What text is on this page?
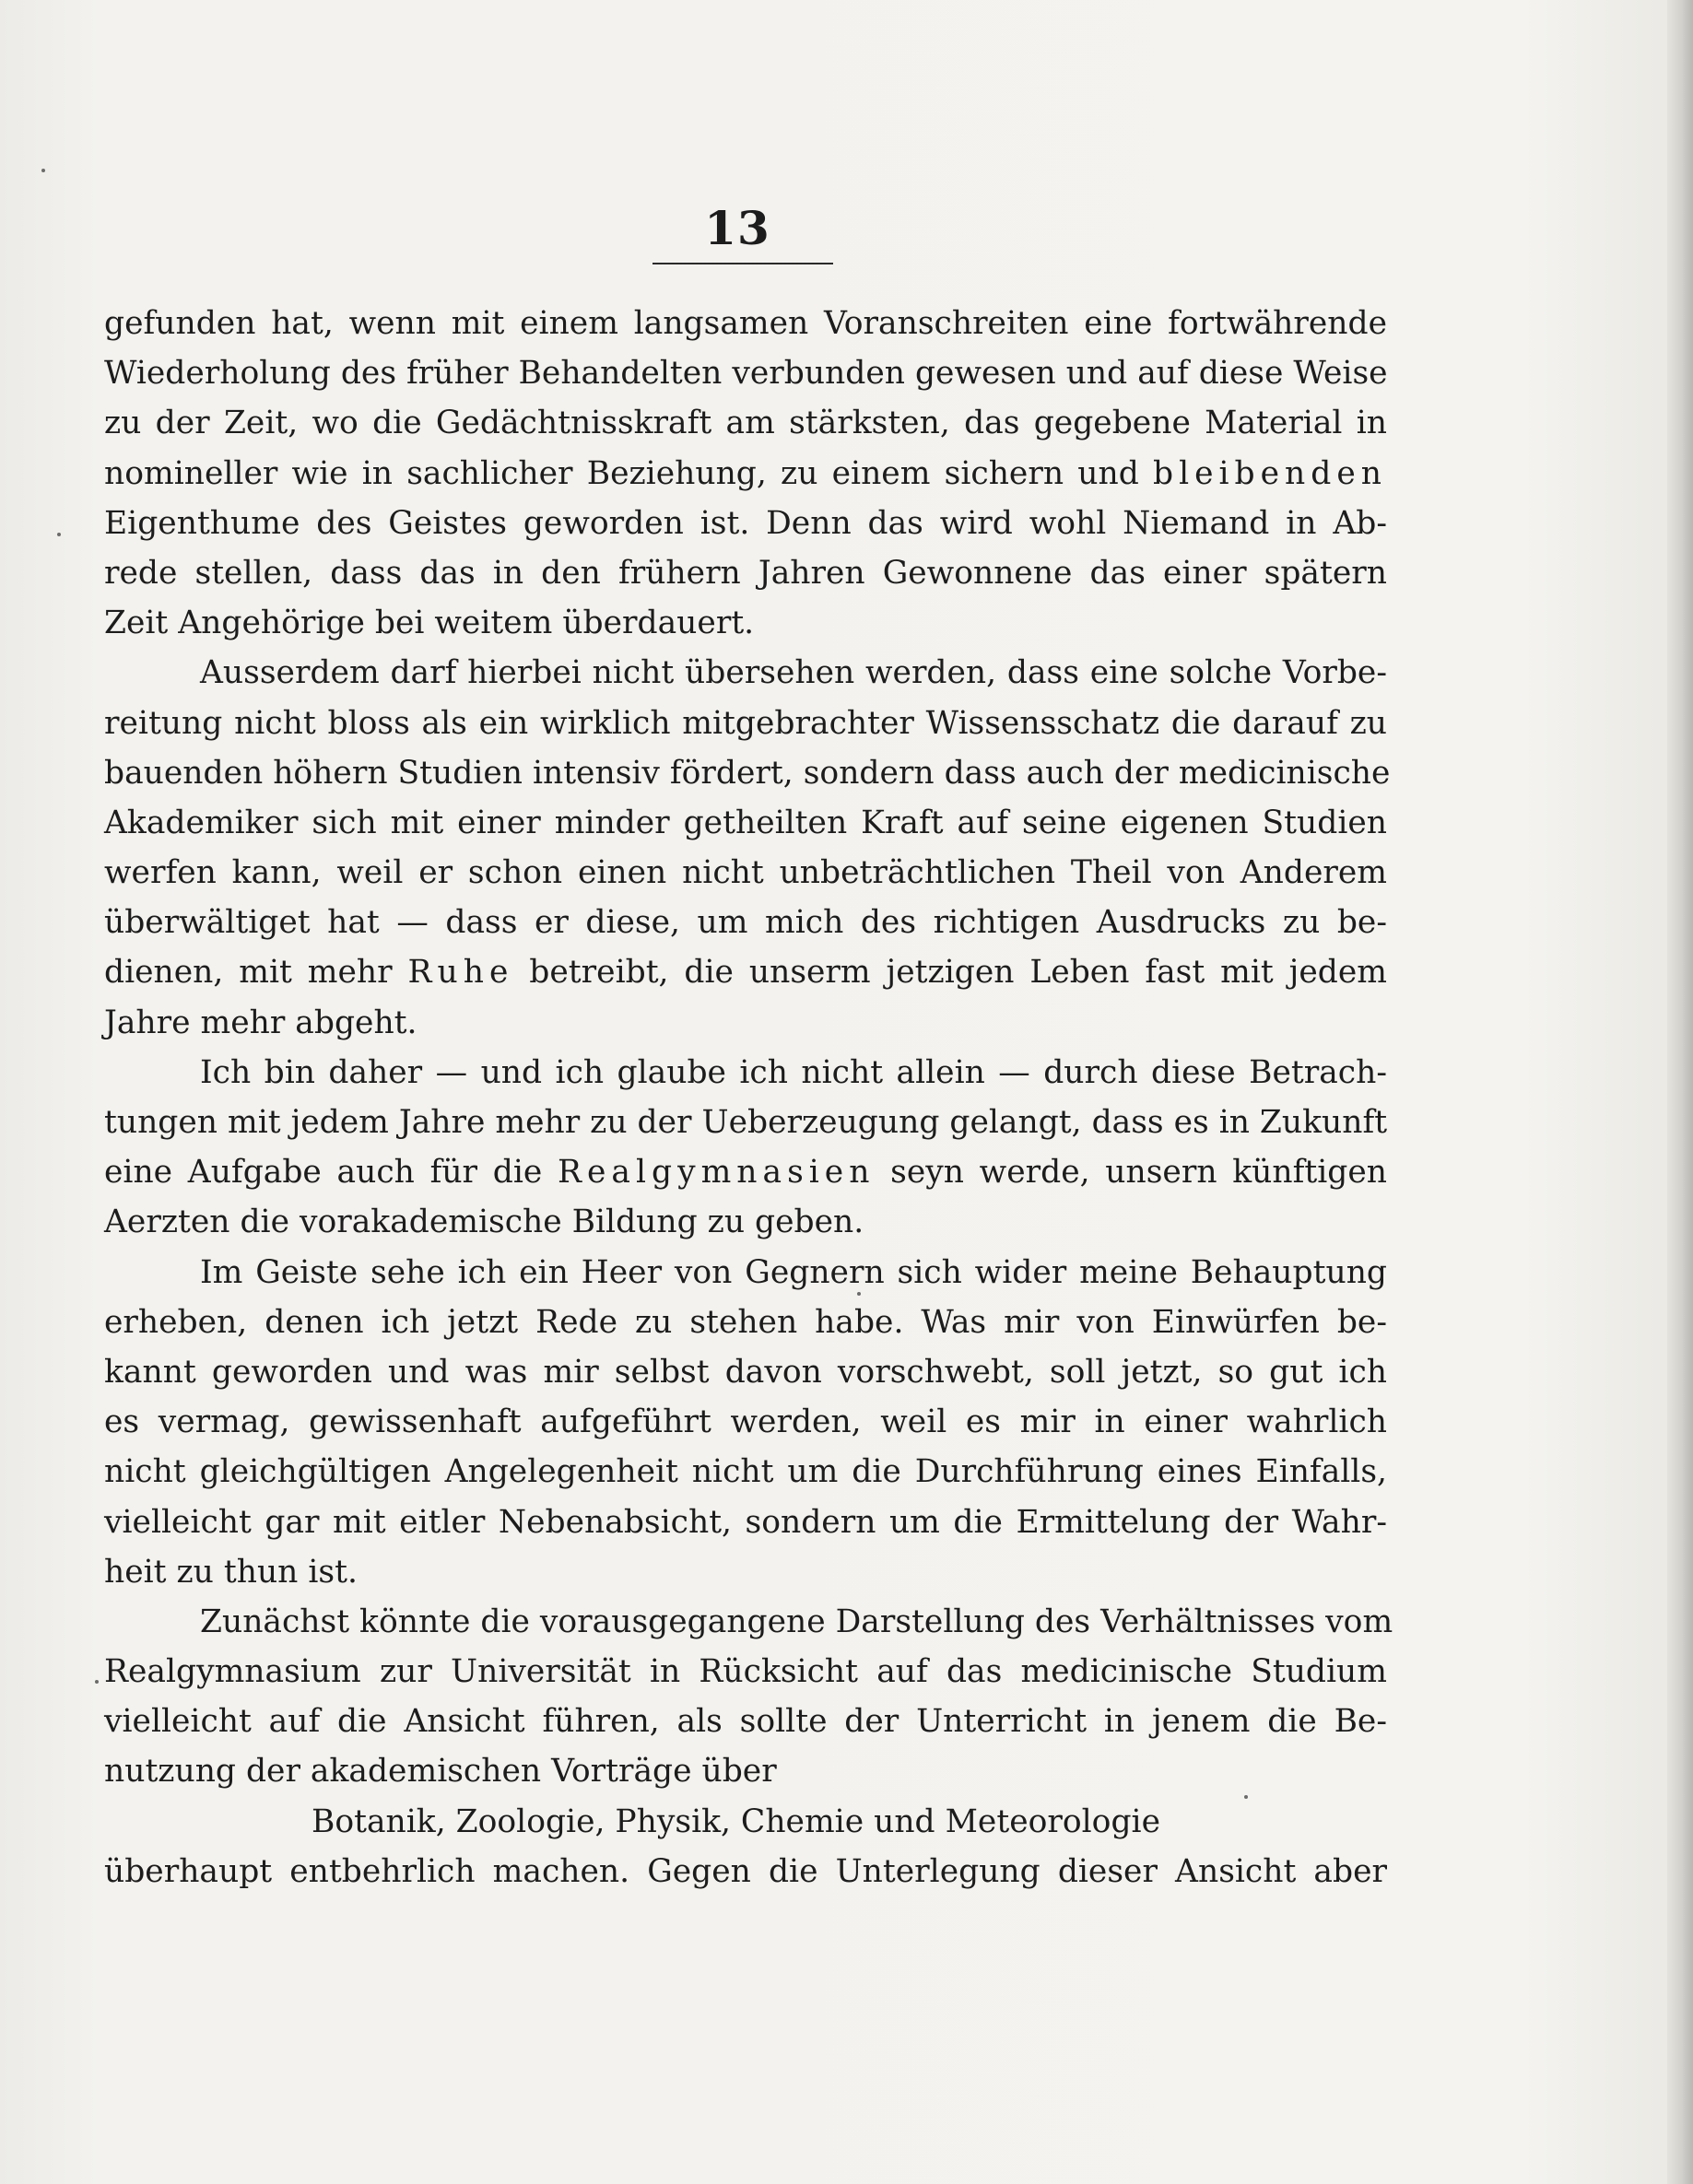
13
gefunden hat, wenn mit einem langsamen Voranschreiten eine fortwährende
Wiederholung des früher Behandelten verbunden gewesen und auf diese Weise
zu der Zeit, wo die Gedächtnisskraft am stärksten, das gegebene Material in
nomineller wie in sachlicher Beziehung, zu einem sichern und bleibenden
Eigenthume des Geistes geworden ist. Denn das wird wohl Niemand in Ab-
rede stellen, dass das in den frühern Jahren Gewonnene das einer spätern
Zeit Angehörige bei weitem überdauert.
Ausserdem darf hierbei nicht übersehen werden, dass eine solche Vorbe-
reitung nicht bloss als ein wirklich mitgebrachter Wissensschatz die darauf zu
bauenden höhern Studien intensiv fördert, sondern dass auch der medicinische
Akademiker sich mit einer minder getheilten Kraft auf seine eigenen Studien
werfen kann, weil er schon einen nicht unbeträchtlichen Theil von Anderem
überwältiget hat — dass er diese, um mich des richtigen Ausdrucks zu be-
dienen, mit mehr Ruhe betreibt, die unserm jetzigen Leben fast mit jedem
Jahre mehr abgeht.
Ich bin daher — und ich glaube ich nicht allein — durch diese Betrach-
tungen mit jedem Jahre mehr zu der Ueberzeugung gelangt, dass es in Zukunft
eine Aufgabe auch für die Realgymnasien seyn werde, unsern künftigen
Aerzten die vorakademische Bildung zu geben.
Im Geiste sehe ich ein Heer von Gegnern sich wider meine Behauptung
erheben, denen ich jetzt Rede zu stehen habe. Was mir von Einwürfen be-
kannt geworden und was mir selbst davon vorschwebt, soll jetzt, so gut ich
es vermag, gewissenhaft aufgeführt werden, weil es mir in einer wahrlich
nicht gleichgültigen Angelegenheit nicht um die Durchführung eines Einfalls,
vielleicht gar mit eitler Nebenabsicht, sondern um die Ermittelung der Wahr-
heit zu thun ist.
Zunächst könnte die vorausgegangene Darstellung des Verhältnisses vom
Realgymnasium zur Universität in Rücksicht auf das medicinische Studium
vielleicht auf die Ansicht führen, als sollte der Unterricht in jenem die Be-
nutzung der akademischen Vorträge über
Botanik, Zoologie, Physik, Chemie und Meteorologie
überhaupt entbehrlich machen. Gegen die Unterlegung dieser Ansicht aber
